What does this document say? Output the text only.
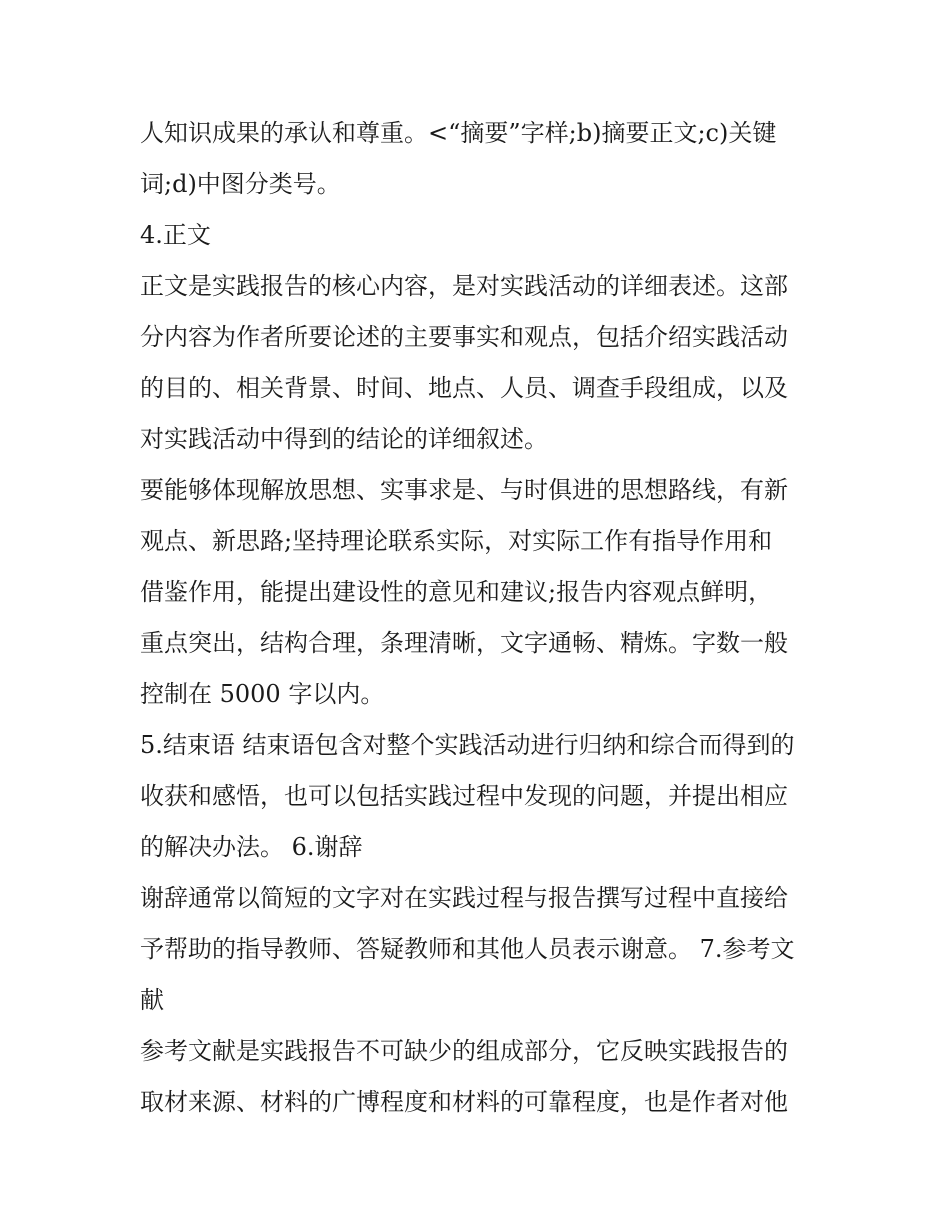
人知识成果的承认和尊重。<“摘要”字样;b)摘要正文;c)关键
词;d)中图分类号。

4.正文

正文是实践报告的核心内容，是对实践活动的详细表述。这部
分内容为作者所要论述的主要事实和观点，包括介绍实践活动
的目的、相关背景、时间、地点、人员、调查手段组成，以及
对实践活动中得到的结论的详细叙述。

要能够体现解放思想、实事求是、与时俱进的思想路线，有新
观点、新思路;坚持理论联系实际，对实际工作有指导作用和
借鉴作用，能提出建设性的意见和建议;报告内容观点鲜明，
重点突出，结构合理，条理清晰，文字通畅、精炼。字数一般
控制在 5000 字以内。

5.结束语 结束语包含对整个实践活动进行归纳和综合而得到的
收获和感悟，也可以包括实践过程中发现的问题，并提出相应
的解决办法。 6.谢辞

谢辞通常以简短的文字对在实践过程与报告撰写过程中直接给
予帮助的指导教师、答疑教师和其他人员表示谢意。 7.参考文
献

参考文献是实践报告不可缺少的组成部分，它反映实践报告的
取材来源、材料的广博程度和材料的可靠程度，也是作者对他
